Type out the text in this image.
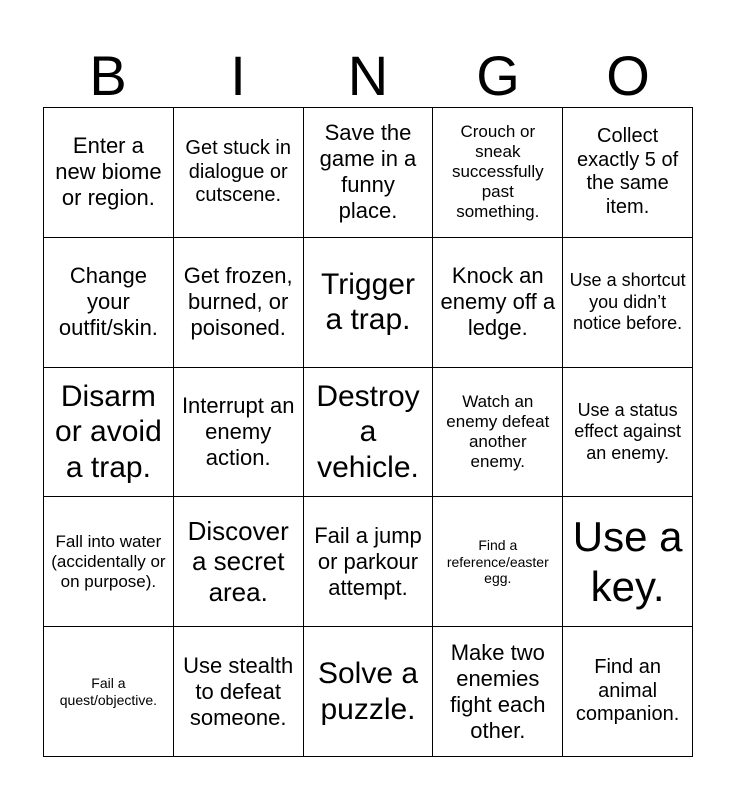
B	I	N	G	O
Enter a new biome or region.
Get stuck in dialogue or cutscene.
Save the game in a funny place.
Crouch or sneak successfully past something.
Collect exactly 5 of the same item.
Change your outfit/skin.
Get frozen, burned, or poisoned.
Trigger a trap.
Knock an enemy off a ledge.
Use a shortcut you didn’t notice before.
Disarm or avoid a trap.
Interrupt an enemy action.
Destroy a vehicle.
Watch an enemy defeat another enemy.
Use a status effect against an enemy.
Fall into water (accidentally or on purpose).
Discover a secret area.
Fail a jump or parkour attempt.
Find a reference/easter egg.
Use a key.
Fail a quest/objective.
Use stealth to defeat someone.
Solve a puzzle.
Make two enemies fight each other.
Find an animal companion.
